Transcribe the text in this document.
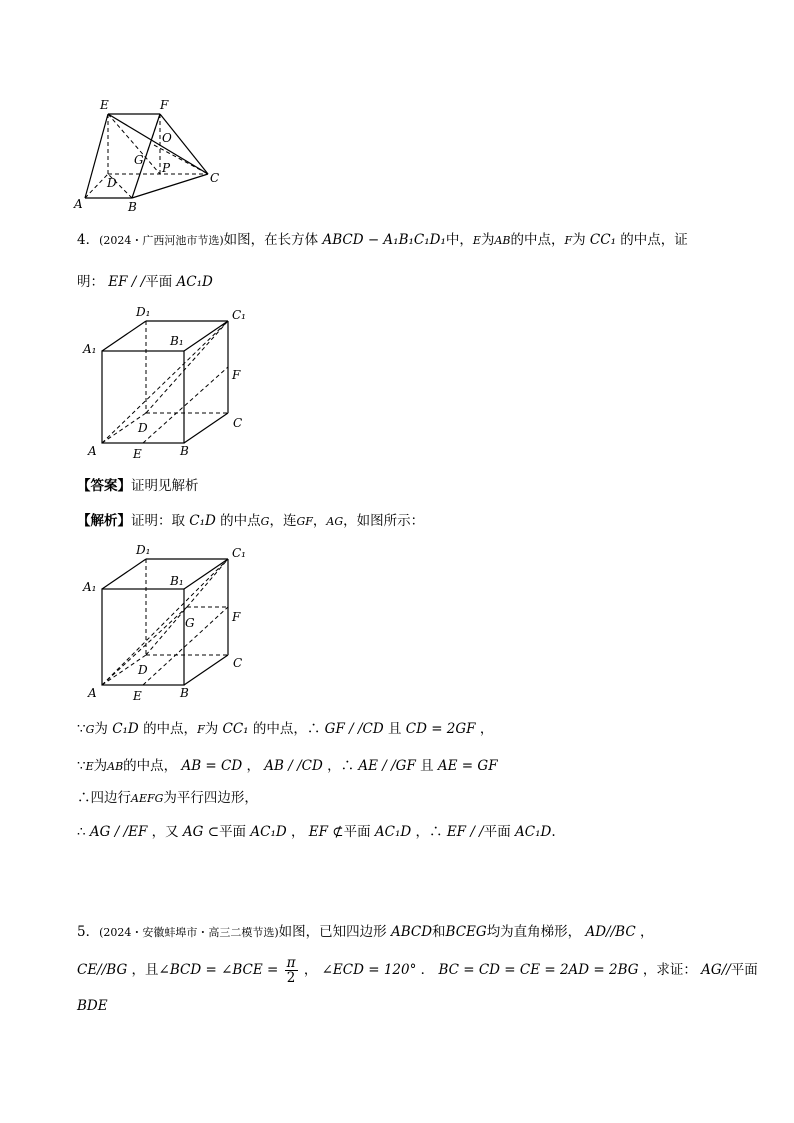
E	F
O
G
P
D	C
A	B
4．(2024・广西河池市节选)如图，在长方体 ABCD − A₁B₁C₁D₁中，E为AB的中点，F为 CC₁ 的中点，证
明： EF / /平面 AC₁D
D₁	C₁
A₁
B₁
F
D	C
A	E	B
【答案】证明见解析
【解析】证明：取 C₁D 的中点G，连GF，AG，如图所示：
D₁	C₁
A₁	B₁
F
G
D	C
A	E	B
∵G为 C₁D 的中点，F为 CC₁ 的中点，∴ GF / /CD 且 CD = 2GF ，
∵E为AB的中点， AB = CD ， AB / /CD ，∴ AE / /GF 且 AE = GF
∴四边行AEFG为平行四边形，
∴ AG / /EF ，又 AG ⊂平面 AC₁D ， EF ⊄平面 AC₁D ，∴ EF / /平面 AC₁D.
5．(2024・安徽蚌埠市・高三二模节选)如图，已知四边形 ABCD和BCEG均为直角梯形， AD//BC ，
CE//BG ，且∠BCD = ∠BCE = $\frac{\pi}{2}$ ， ∠ECD = 120° ． BC = CD = CE = 2AD = 2BG ，求证： AG//平面
BDE
